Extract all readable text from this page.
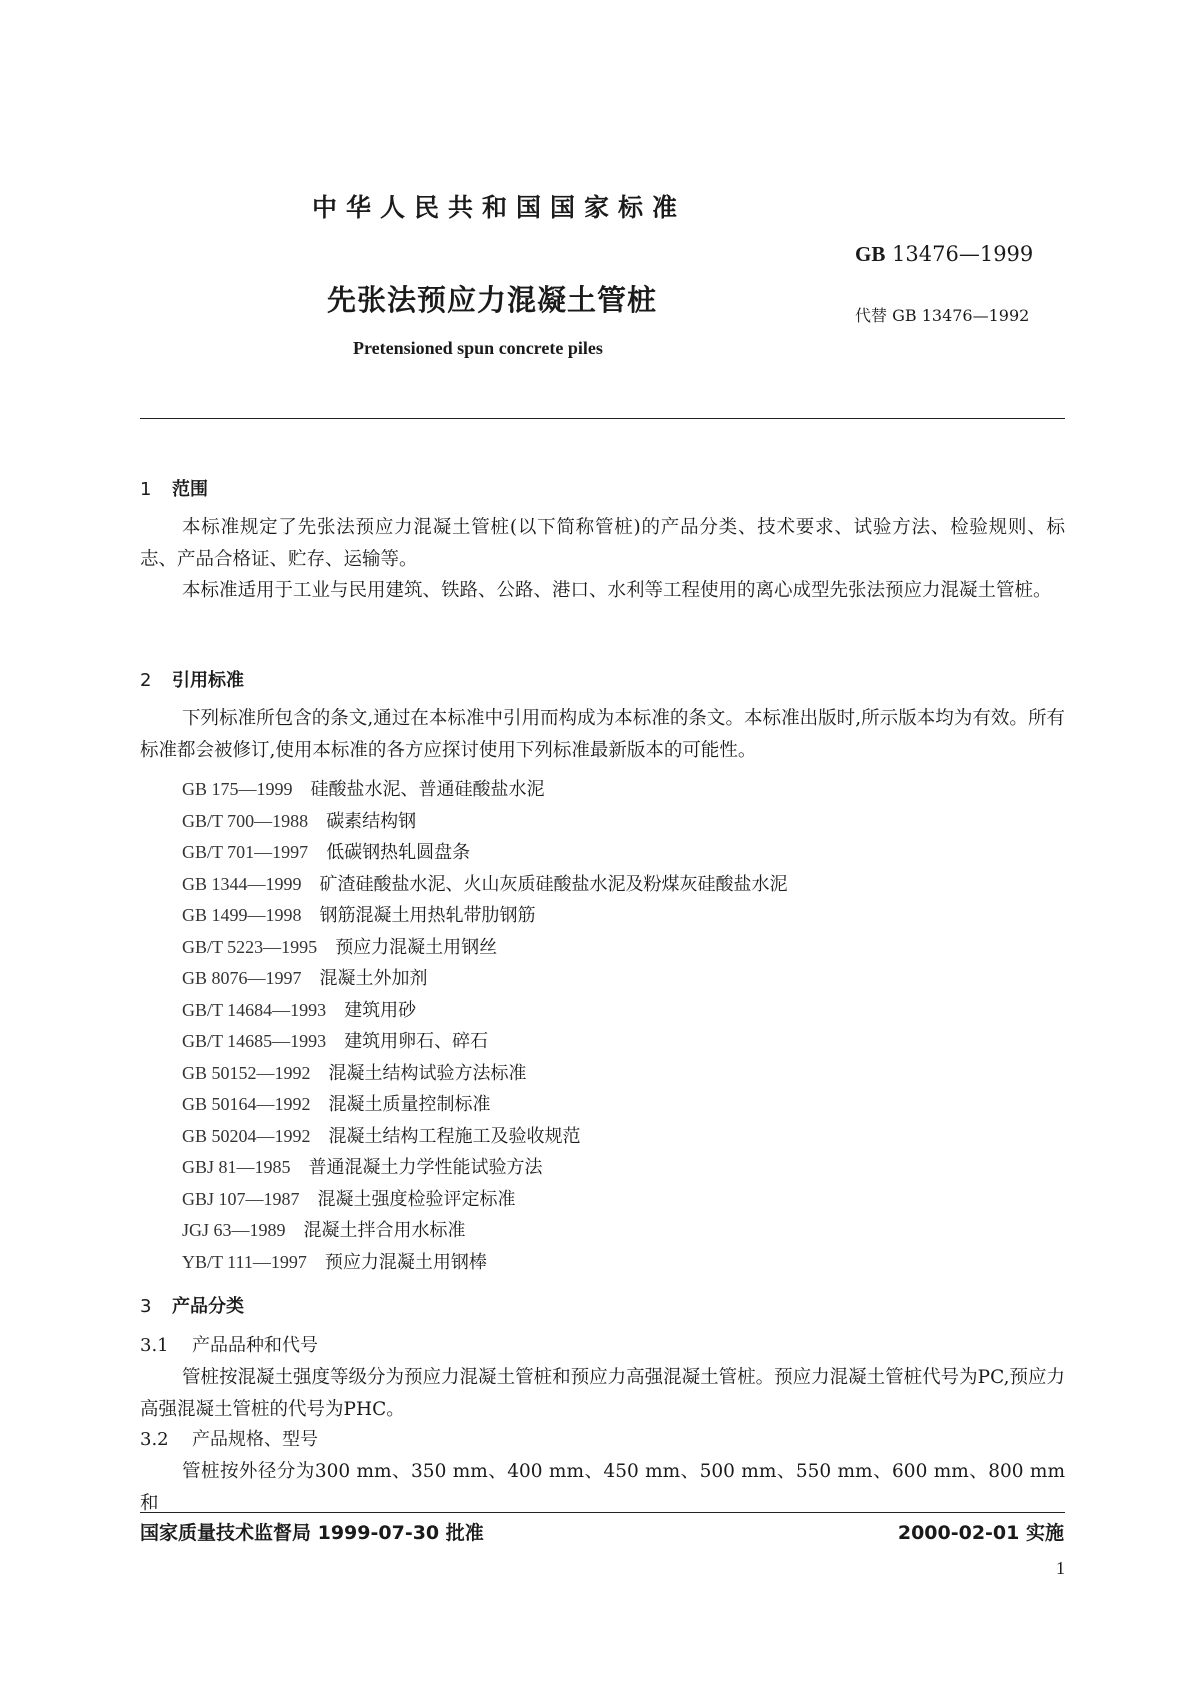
中华人民共和国国家标准
GB 13476—1999
先张法预应力混凝土管桩	代替 GB 13476—1992
Pretensioned spun concrete piles
1 范围
本标准规定了先张法预应力混凝土管桩(以下简称管桩)的产品分类、技术要求、试验方法、检验规则、标志、产品合格证、贮存、运输等。
本标准适用于工业与民用建筑、铁路、公路、港口、水利等工程使用的离心成型先张法预应力混凝土管桩。
2 引用标准
下列标准所包含的条文,通过在本标准中引用而构成为本标准的条文。本标准出版时,所示版本均为有效。所有标准都会被修订,使用本标准的各方应探讨使用下列标准最新版本的可能性。
GB 175—1999 硅酸盐水泥、普通硅酸盐水泥
GB/T 700—1988 碳素结构钢
GB/T 701—1997 低碳钢热轧圆盘条
GB 1344—1999 矿渣硅酸盐水泥、火山灰质硅酸盐水泥及粉煤灰硅酸盐水泥
GB 1499—1998 钢筋混凝土用热轧带肋钢筋
GB/T 5223—1995 预应力混凝土用钢丝
GB 8076—1997 混凝土外加剂
GB/T 14684—1993 建筑用砂
GB/T 14685—1993 建筑用卵石、碎石
GB 50152—1992 混凝土结构试验方法标准
GB 50164—1992 混凝土质量控制标准
GB 50204—1992 混凝土结构工程施工及验收规范
GBJ 81—1985 普通混凝土力学性能试验方法
GBJ 107—1987 混凝土强度检验评定标准
JGJ 63—1989 混凝土拌合用水标准
YB/T 111—1997 预应力混凝土用钢棒
3 产品分类
3.1 产品品种和代号
管桩按混凝土强度等级分为预应力混凝土管桩和预应力高强混凝土管桩。预应力混凝土管桩代号为PC,预应力高强混凝土管桩的代号为PHC。
3.2 产品规格、型号
管桩按外径分为300 mm、350 mm、400 mm、450 mm、500 mm、550 mm、600 mm、800 mm 和
国家质量技术监督局 1999-07-30 批准	2000-02-01 实施
1
